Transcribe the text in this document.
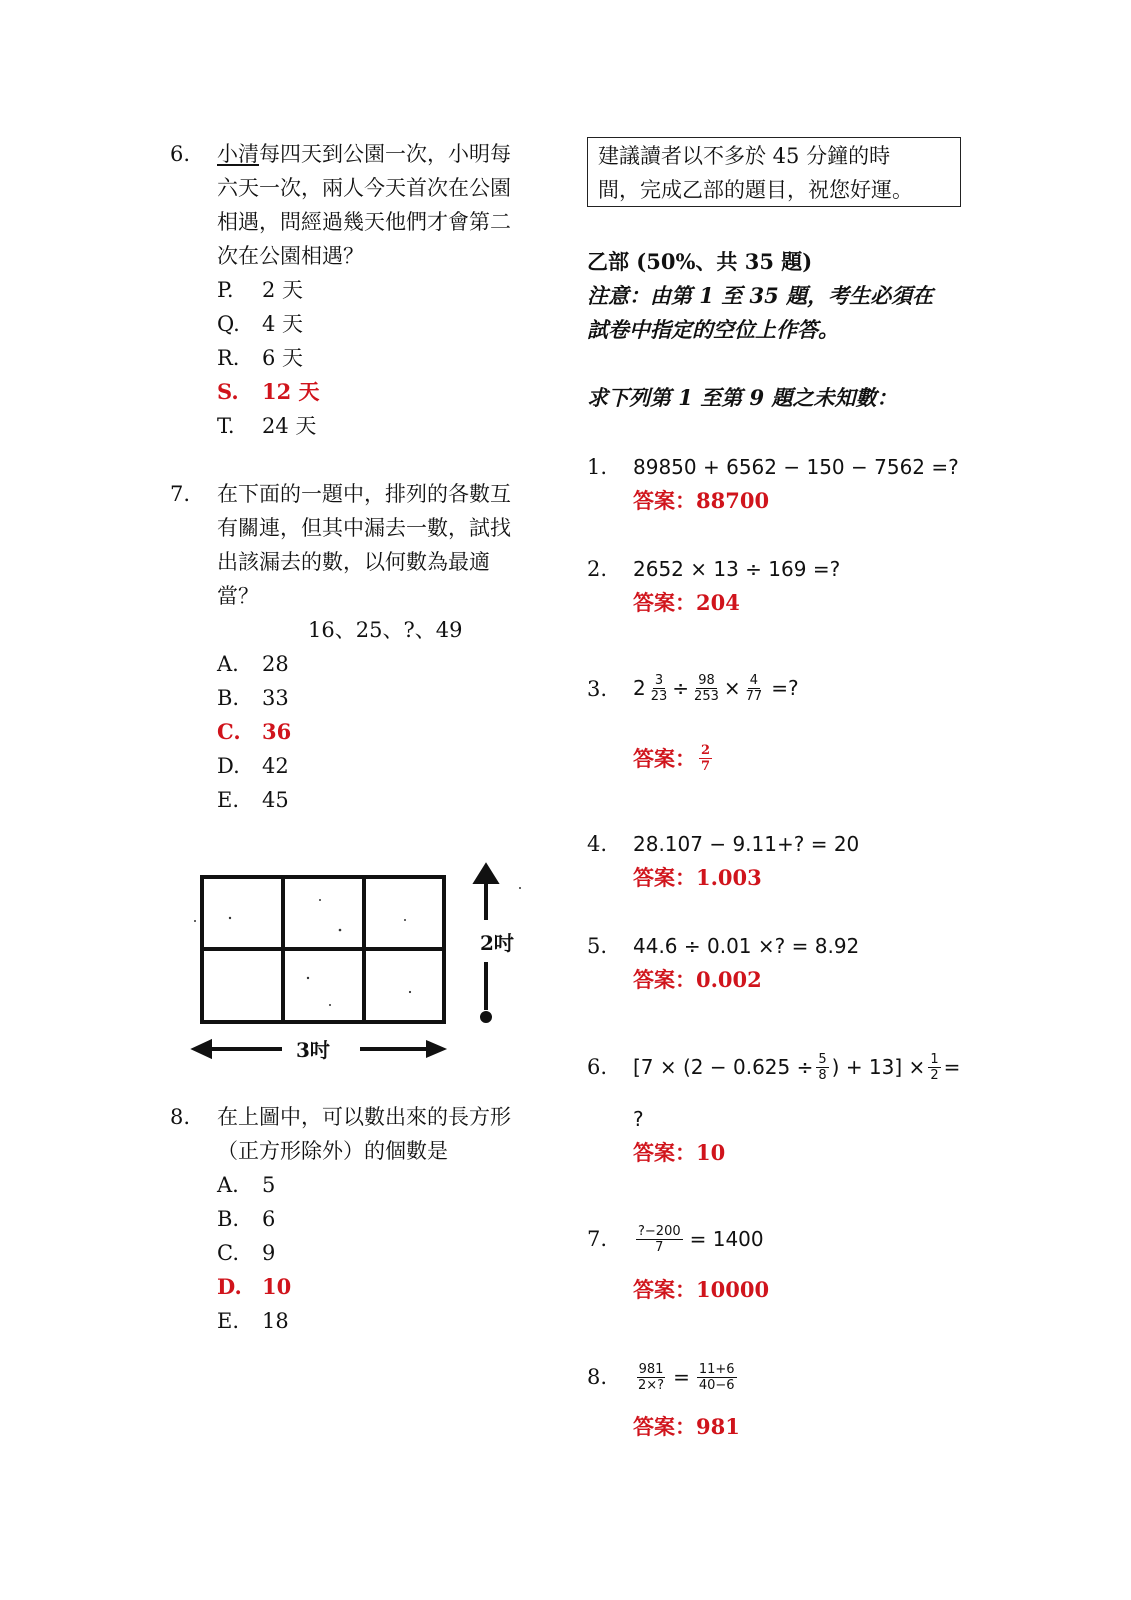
6. 小清每四天到公園一次，小明每
六天一次，兩人今天首次在公園
相遇，問經過幾天他們才會第二
次在公園相遇？
P. 2 天
Q. 4 天
R. 6 天
S. 12 天
T. 24 天
7. 在下面的一題中，排列的各數互
有關連，但其中漏去一數，試找
出該漏去的數，以何數為最適
當？
16、25、?、49
A. 28
B. 33
C. 36
D. 42
E. 45
2吋
3吋
8. 在上圖中，可以數出來的長方形
（正方形除外）的個數是
A. 5
B. 6
C. 9
D. 10
E. 18
建議讀者以不多於 45 分鐘的時
間，完成乙部的題目，祝您好運。
乙部 (50%、共 35 題)
注意：由第 1 至 35 題，考生必須在
試卷中指定的空位上作答。
求下列第 1 至第 9 題之未知數：
1. 89850 + 6562 − 150 − 7562 =?
答案：88700
2. 2652 × 13 ÷ 169 =?
答案：204
3. $2 \frac{3}{23} \div \frac{98}{253} \times \frac{4}{77}$ =?
答案： $\frac{2}{7}$
4. 28.107 − 9.11+? = 20
答案：1.003
5. 44.6 ÷ 0.01 ×? = 8.92
答案：0.002
6. [$7 \times (2 - 0.625 \div \frac{5}{8}$ ) + $13] \times \frac{1}{2}$ =
?
答案：10
7. $\frac{?-200}{7} = 1400$
答案：10000
8. $\frac{981}{2\times?} = \frac{11+6}{40-6}$
答案：981
